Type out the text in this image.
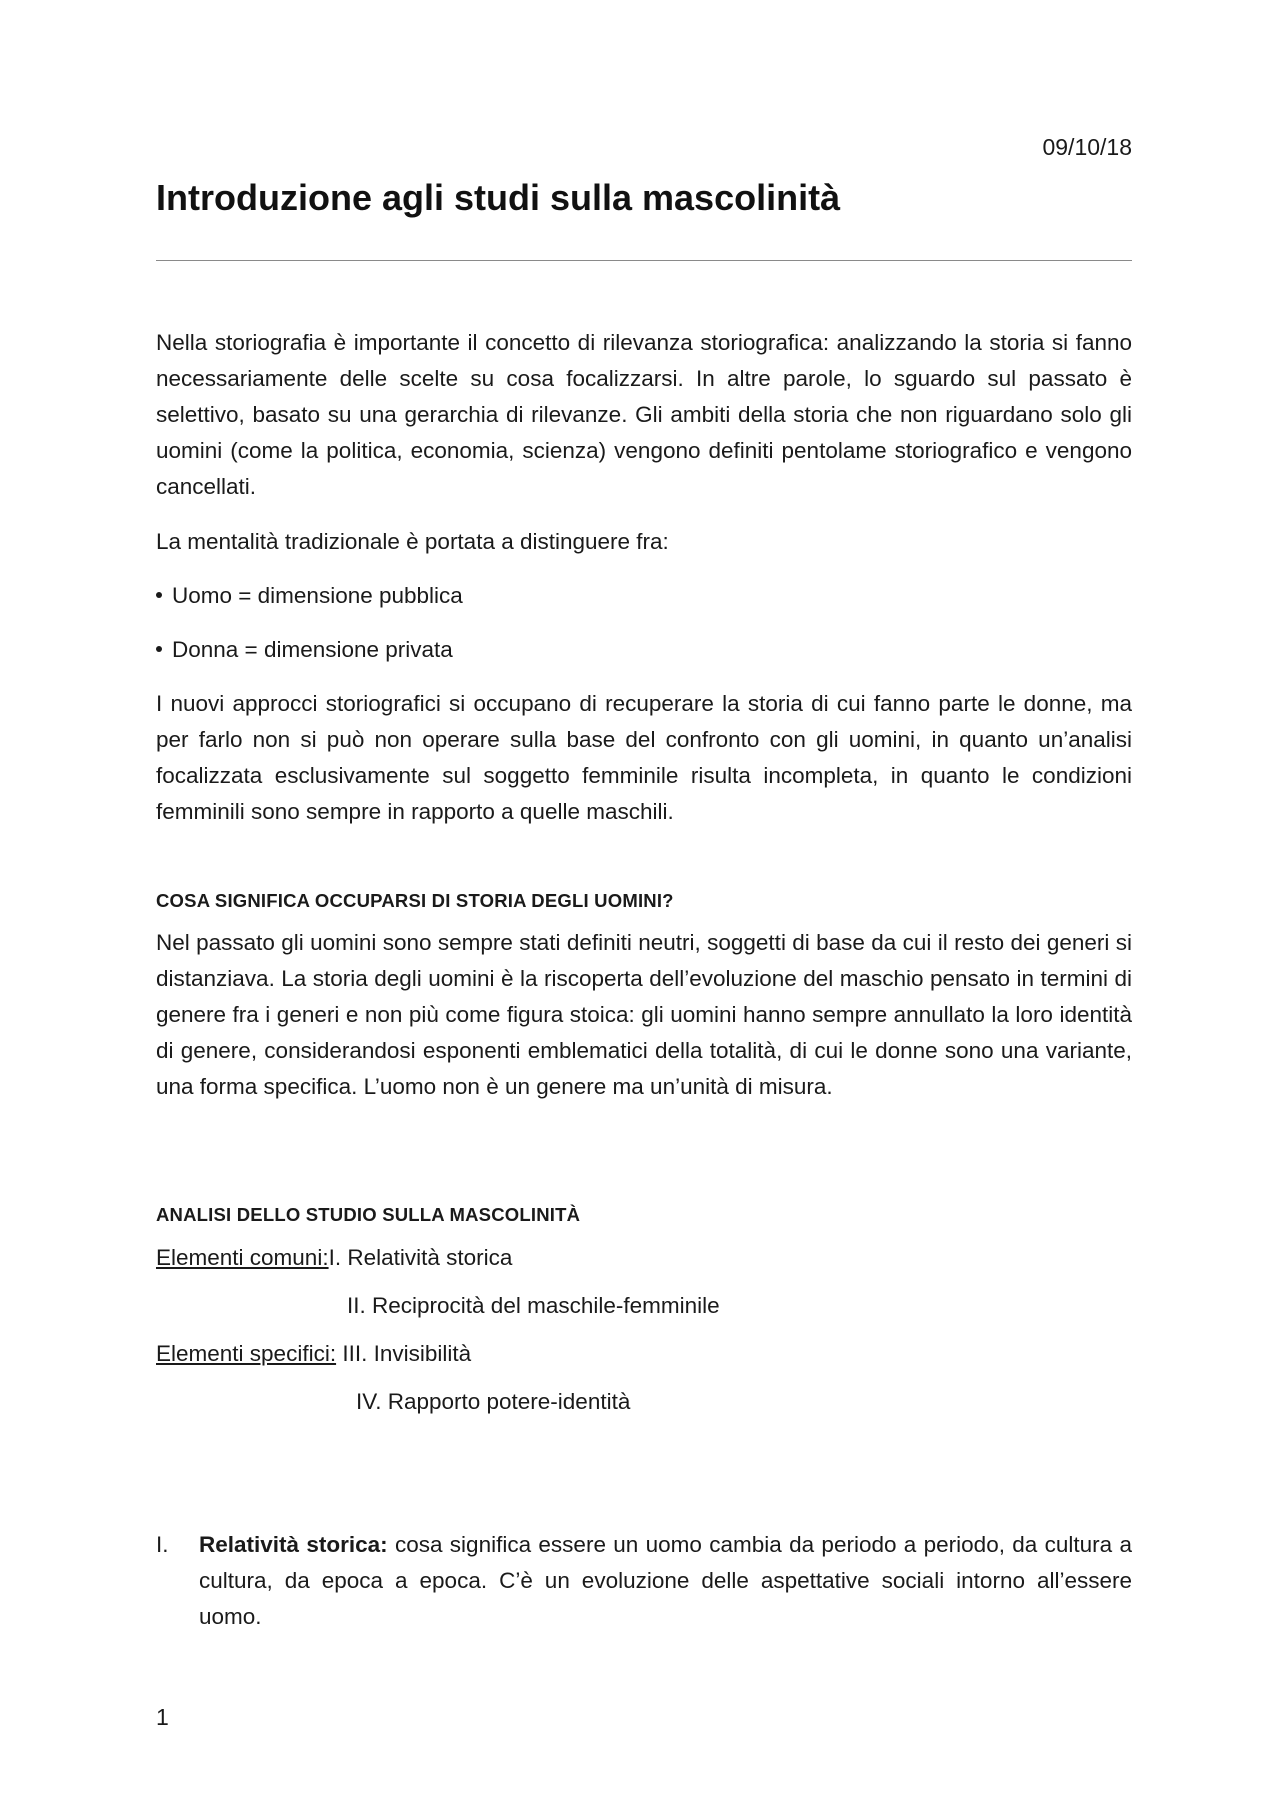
09/10/18
Introduzione agli studi sulla mascolinità

Nella storiografia è importante il concetto di rilevanza storiografica: analizzando la storia si fanno necessariamente delle scelte su cosa focalizzarsi. In altre parole, lo sguardo sul passato è selettivo, basato su una gerarchia di rilevanze. Gli ambiti della storia che non riguardano solo gli uomini (come la politica, economia, scienza) vengono definiti pentolame storiografico e vengono cancellati.

La mentalità tradizionale è portata a distinguere fra:

Uomo = dimensione pubblica
Donna = dimensione privata

I nuovi approcci storiografici si occupano di recuperare la storia di cui fanno parte le donne, ma per farlo non si può non operare sulla base del confronto con gli uomini, in quanto un’analisi focalizzata esclusivamente sul soggetto femminile risulta incompleta, in quanto le condizioni femminili sono sempre in rapporto a quelle maschili.

COSA SIGNIFICA OCCUPARSI DI STORIA DEGLI UOMINI?

Nel passato gli uomini sono sempre stati definiti neutri, soggetti di base da cui il resto dei generi si distanziava. La storia degli uomini è la riscoperta dell’evoluzione del maschio pensato in termini di genere fra i generi e non più come figura stoica: gli uomini hanno sempre annullato la loro identità di genere, considerandosi esponenti emblematici della totalità, di cui le donne sono una variante, una forma specifica. L’uomo non è un genere ma un’unità di misura.

ANALISI DELLO STUDIO SULLA MASCOLINITÀ
Elementi comuni:I. Relatività storica
II. Reciprocità del maschile-femminile
Elementi specifici: III. Invisibilità
IV. Rapporto potere-identità
I. Relatività storica: cosa significa essere un uomo cambia da periodo a periodo, da cultura a cultura, da epoca a epoca. C’è un evoluzione delle aspettative sociali intorno all’essere uomo.

1
